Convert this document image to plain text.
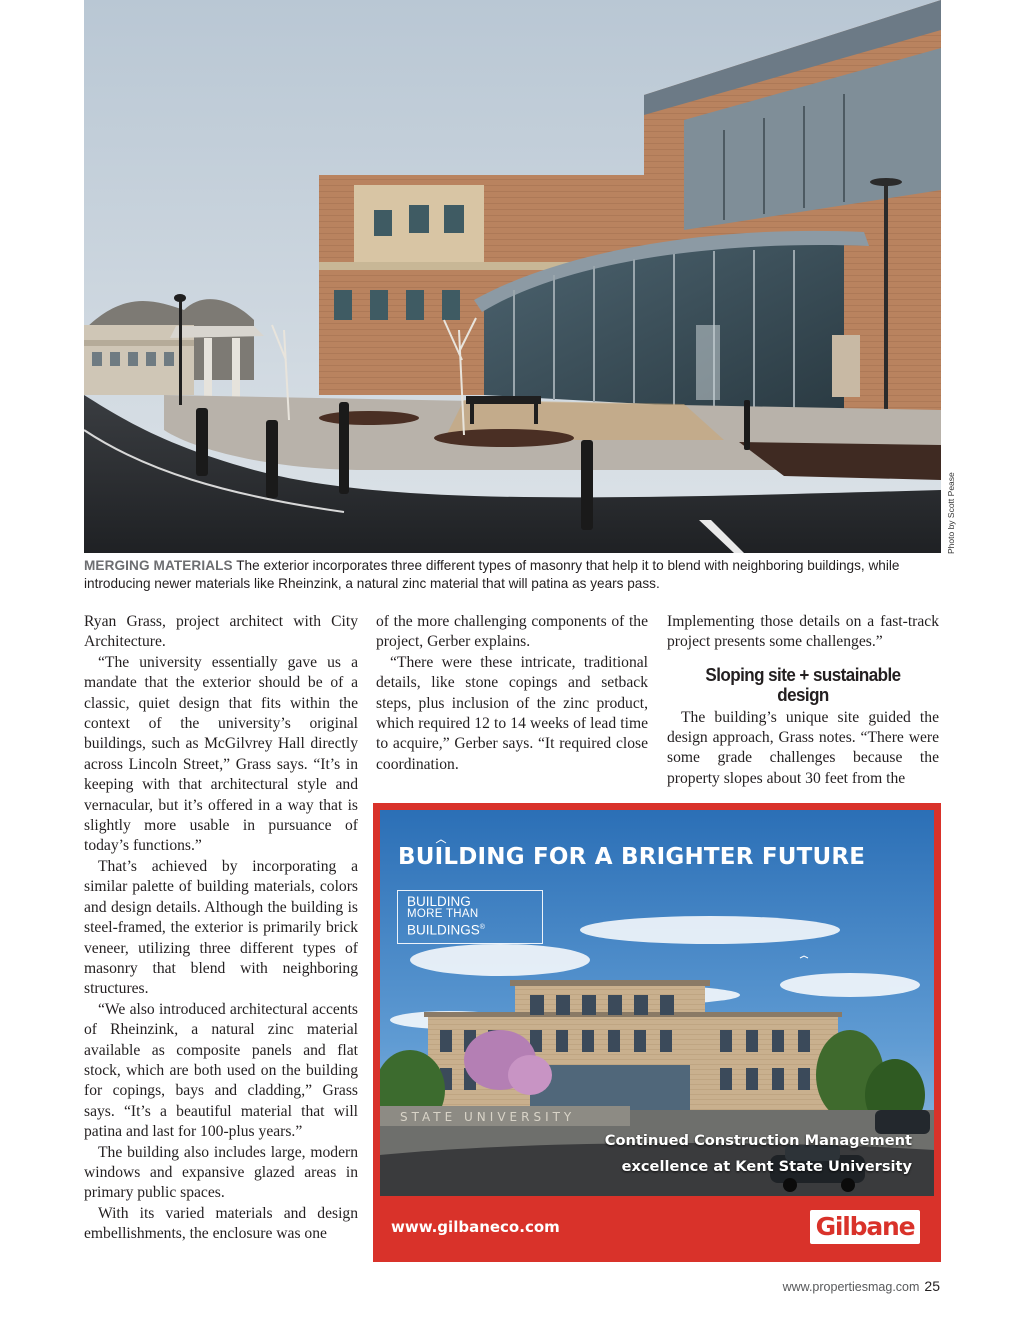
Photo by Scott Pease
MERGING MATERIALS The exterior incorporates three different types of masonry that help it to blend with neighboring buildings, while introducing newer materials like Rheinzink, a natural zinc material that will patina as years pass.

Ryan Grass, project architect with City Architecture.

“The university essentially gave us a mandate that the exterior should be of a classic, quiet design that fits within the context of the university’s original buildings, such as McGilvrey Hall directly across Lincoln Street,” Grass says. “It’s in keeping with that architectural style and vernacular, but it’s offered in a way that is slightly more usable in pursuance of today’s functions.”

That’s achieved by incorporating a similar palette of building materials, colors and design details. Although the building is steel-framed, the exterior is primarily brick veneer, utilizing three different types of masonry that blend with neighboring structures.

“We also introduced architectural accents of Rheinzink, a natural zinc material available as composite panels and flat stock, which are both used on the building for copings, bays and cladding,” Grass says. “It’s a beautiful material that will patina and last for 100-plus years.”

The building also includes large, modern windows and expansive glazed areas in primary public spaces.

With its varied materials and design embellishments, the enclosure was one

of the more challenging components of the project, Gerber explains.

“There were these intricate, traditional details, like stone copings and setback steps, plus inclusion of the zinc product, which required 12 to 14 weeks of lead time to acquire,” Gerber says. “It required close coordination.

Implementing those details on a fast-track project presents some challenges.”

Sloping site + sustainable design

The building’s unique site guided the design approach, Grass notes. “There were some grade challenges because the property slopes about 30 feet from the

STATE UNIVERSITY
BUILDING FOR A BRIGHTER FUTURE
BUILDING
MORE THAN
BUILDINGS®
Continued Construction Management
excellence at Kent State University
www.gilbaneco.com	Gilbane
www.propertiesmag.com 25
